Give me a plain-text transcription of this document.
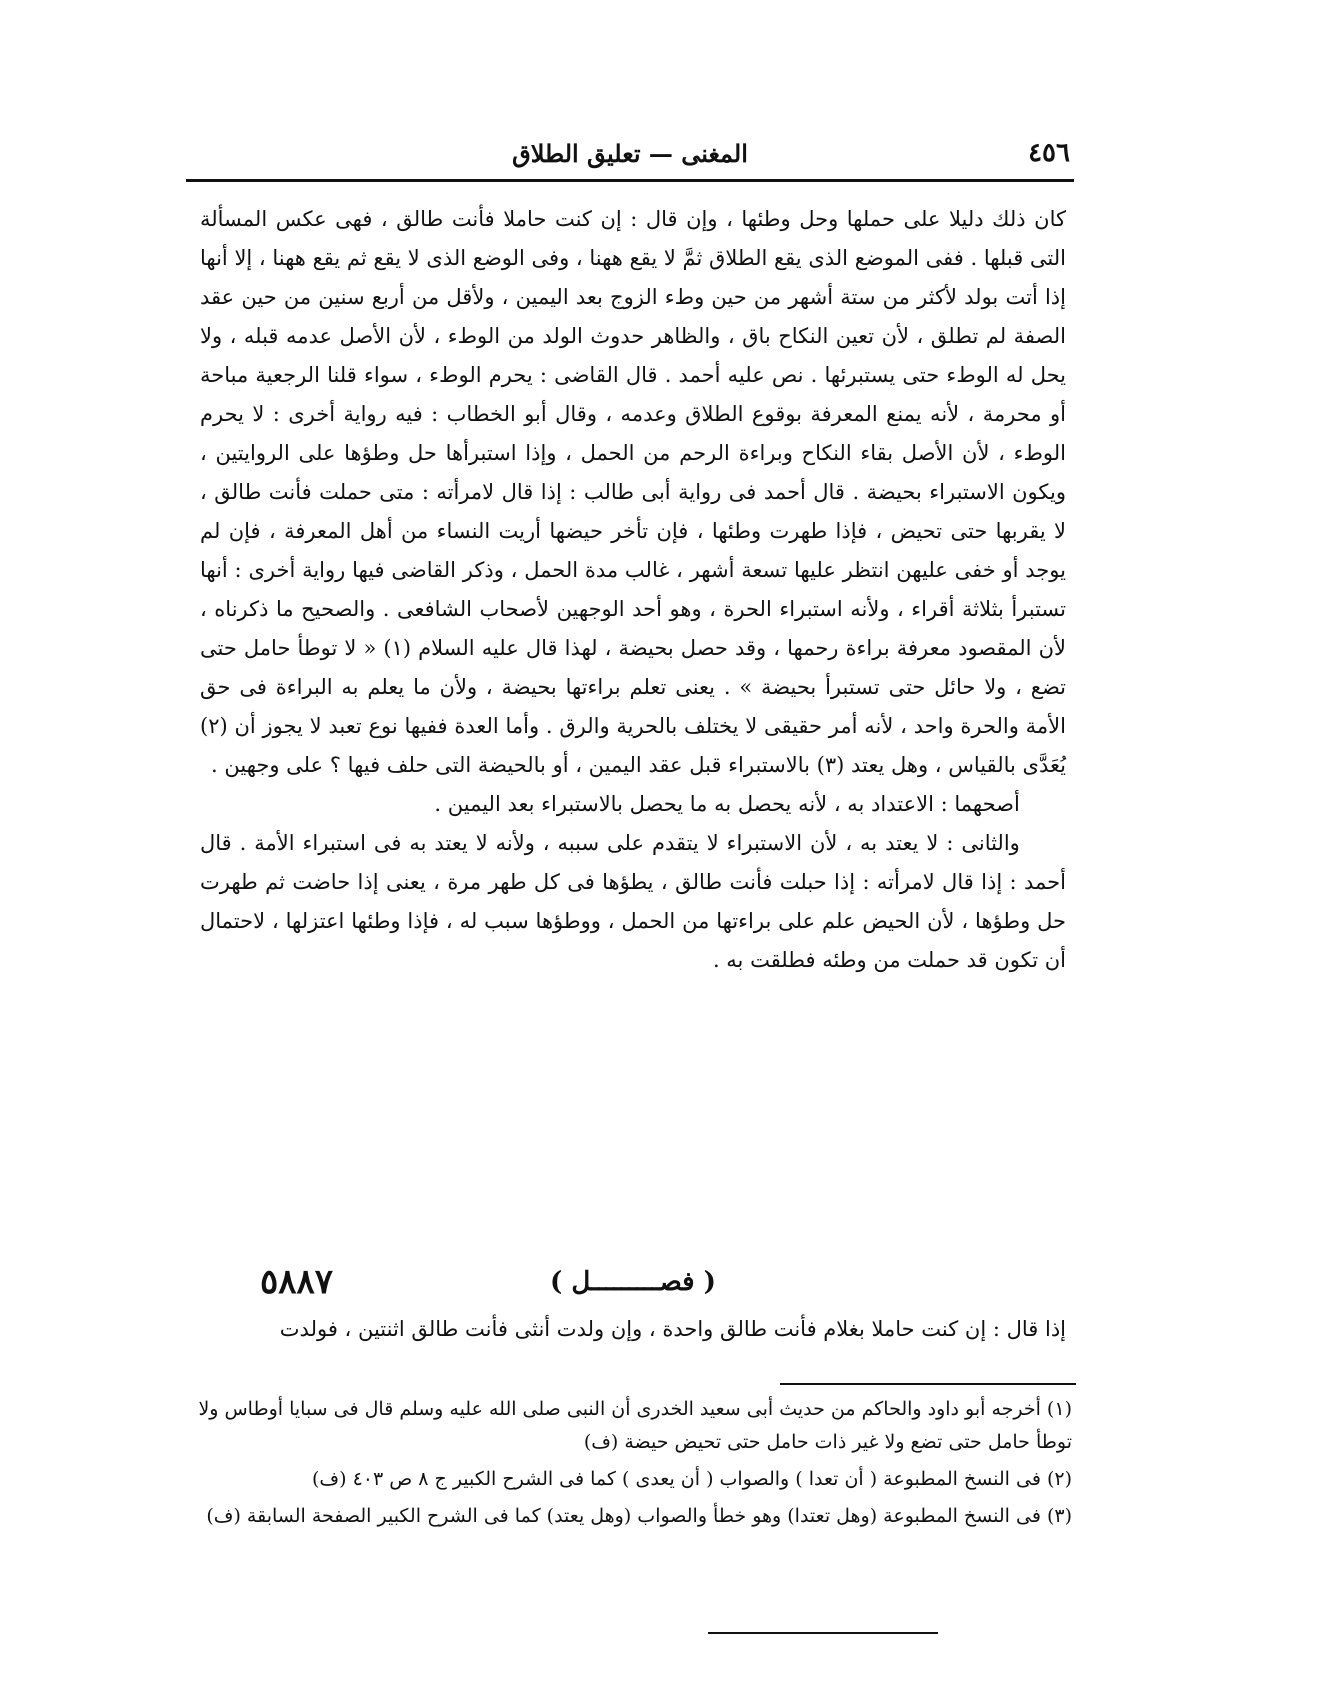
٤٥٦
المغنى — تعليق الطلاق

كان ذلك دليلا على حملها وحل وطئها ، وإن قال : إن كنت حاملا فأنت طالق ، فهى عكس المسألة التى قبلها . ففى الموضع الذى يقع الطلاق ثمَّ لا يقع ههنا ، وفى الوضع الذى لا يقع ثم يقع ههنا ، إلا أنها إذا أتت بولد لأكثر من ستة أشهر من حين وطء الزوج بعد اليمين ، ولأقل من أربع سنين من حين عقد الصفة لم تطلق ، لأن تعين النكاح باق ، والظاهر حدوث الولد من الوطء ، لأن الأصل عدمه قبله ، ولا يحل له الوطء حتى يستبرئها . نص عليه أحمد . قال القاضى : يحرم الوطء ، سواء قلنا الرجعية مباحة أو محرمة ، لأنه يمنع المعرفة بوقوع الطلاق وعدمه ، وقال أبو الخطاب : فيه رواية أخرى : لا يحرم الوطء ، لأن الأصل بقاء النكاح وبراءة الرحم من الحمل ، وإذا استبرأها حل وطؤها على الروايتين ، ويكون الاستبراء بحيضة . قال أحمد فى رواية أبى طالب : إذا قال لامرأته : متى حملت فأنت طالق ، لا يقربها حتى تحيض ، فإذا طهرت وطئها ، فإن تأخر حيضها أريت النساء من أهل المعرفة ، فإن لم يوجد أو خفى عليهن انتظر عليها تسعة أشهر ، غالب مدة الحمل ، وذكر القاضى فيها رواية أخرى : أنها تستبرأ بثلاثة أقراء ، ولأنه استبراء الحرة ، وهو أحد الوجهين لأصحاب الشافعى . والصحيح ما ذكرناه ، لأن المقصود معرفة براءة رحمها ، وقد حصل بحيضة ، لهذا قال عليه السلام (١) « لا توطأ حامل حتى تضع ، ولا حائل حتى تستبرأ بحيضة » . يعنى تعلم براءتها بحيضة ، ولأن ما يعلم به البراءة فى حق الأمة والحرة واحد ، لأنه أمر حقيقى لا يختلف بالحرية والرق . وأما العدة ففيها نوع تعبد لا يجوز أن (٢) يُعَدَّى بالقياس ، وهل يعتد (٣) بالاستبراء قبل عقد اليمين ، أو بالحيضة التى حلف فيها ؟ على وجهين .

أصحهما : الاعتداد به ، لأنه يحصل به ما يحصل بالاستبراء بعد اليمين .

والثانى : لا يعتد به ، لأن الاستبراء لا يتقدم على سببه ، ولأنه لا يعتد به فى استبراء الأمة . قال أحمد : إذا قال لامرأته : إذا حبلت فأنت طالق ، يطؤها فى كل طهر مرة ، يعنى إذا حاضت ثم طهرت حل وطؤها ، لأن الحيض علم على براءتها من الحمل ، ووطؤها سبب له ، فإذا وطئها اعتزلها ، لاحتمال أن تكون قد حملت من وطئه فطلقت به .

٥٨٨٧	( فصـــــــــل )
إذا قال : إن كنت حاملا بغلام فأنت طالق واحدة ، وإن ولدت أنثى فأنت طالق اثنتين ، فولدت

(١) أخرجه أبو داود والحاكم من حديث أبى سعيد الخدرى أن النبى صلى الله عليه وسلم قال فى سبايا أوطاس ولا توطأ حامل حتى تضع ولا غير ذات حامل حتى تحيض حيضة (ف)

(٢) فى النسخ المطبوعة ( أن تعدا ) والصواب ( أن يعدى ) كما فى الشرح الكبير ج ٨ ص ٤٠٣ (ف)

(٣) فى النسخ المطبوعة (وهل تعتدا) وهو خطأ والصواب (وهل يعتد) كما فى الشرح الكبير الصفحة السابقة (ف)
